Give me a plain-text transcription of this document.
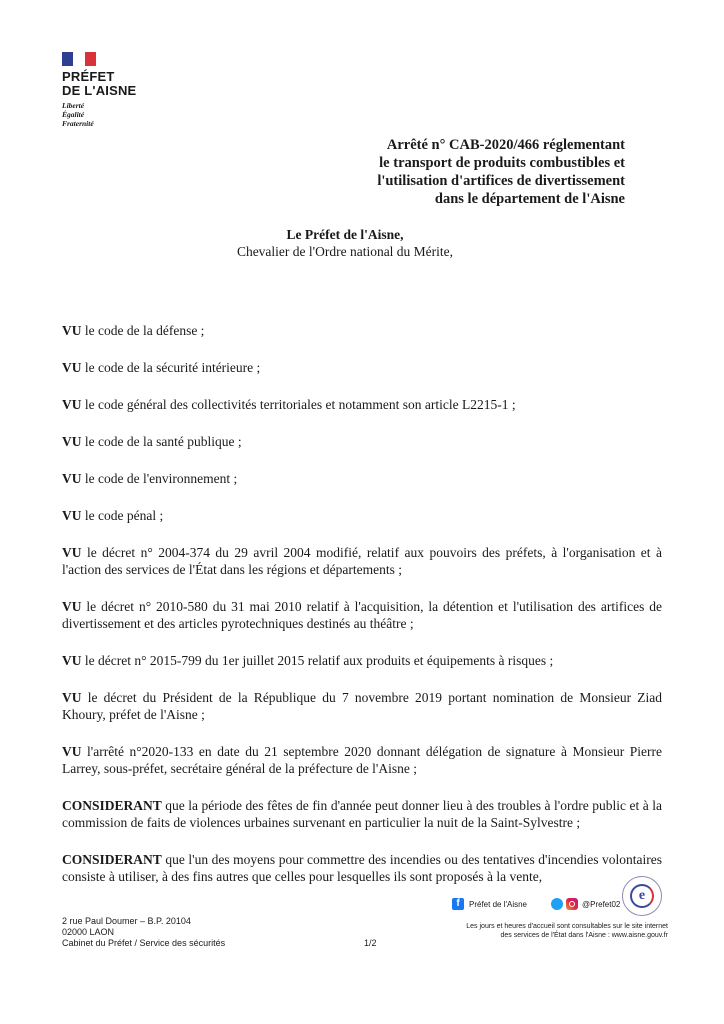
PRÉFET
DE L'AISNE
Liberté
Égalité
Fraternité
Arrêté n° CAB-2020/466 réglementant
le transport de produits combustibles et
l'utilisation d'artifices de divertissement
dans le département de l'Aisne
Le Préfet de l'Aisne,
Chevalier de l'Ordre national du Mérite,
VU le code de la défense ;
VU le code de la sécurité intérieure ;
VU le code général des collectivités territoriales et notamment son article L2215-1 ;
VU le code de la santé publique ;
VU le code de l'environnement ;
VU le code pénal ;
VU le décret n° 2004-374 du 29 avril 2004 modifié, relatif aux pouvoirs des préfets, à l'organisation et à l'action des services de l'État dans les régions et départements ;
VU le décret n° 2010-580 du 31 mai 2010 relatif à l'acquisition, la détention et l'utilisation des artifices de divertissement et des articles pyrotechniques destinés au théâtre ;
VU le décret n° 2015-799 du 1er juillet 2015 relatif aux produits et équipements à risques ;
VU le décret du Président de la République du 7 novembre 2019 portant nomination de Monsieur Ziad Khoury, préfet de l'Aisne ;
VU l'arrêté n°2020-133 en date du 21 septembre 2020 donnant délégation de signature à Monsieur Pierre Larrey, sous-préfet, secrétaire général de la préfecture de l'Aisne ;
CONSIDERANT que la période des fêtes de fin d'année peut donner lieu à des troubles à l'ordre public et à la commission de faits de violences urbaines survenant en particulier la nuit de la Saint-Sylvestre ;
CONSIDERANT que l'un des moyens pour commettre des incendies ou des tentatives d'incendies volontaires consiste à utiliser, à des fins autres que celles pour lesquelles ils sont proposés à la vente,
f	Préfet de l'Aisne	@Prefet02
e
2 rue Paul Doumer – B.P. 20104
02000 LAON
Cabinet du Préfet / Service des sécurités	1/2
Les jours et heures d'accueil sont consultables sur le site internet
des services de l'État dans l'Aisne : www.aisne.gouv.fr
